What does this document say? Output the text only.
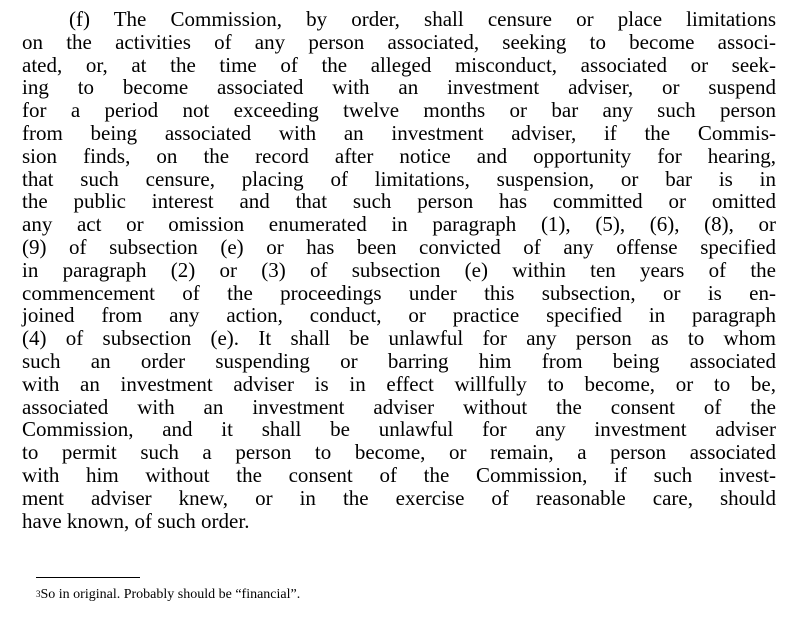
(f) The Commission, by order, shall censure or place limitations
on the activities of any person associated, seeking to become associ-
ated, or, at the time of the alleged misconduct, associated or seek-
ing to become associated with an investment adviser, or suspend
for a period not exceeding twelve months or bar any such person
from being associated with an investment adviser, if the Commis-
sion finds, on the record after notice and opportunity for hearing,
that such censure, placing of limitations, suspension, or bar is in
the public interest and that such person has committed or omitted
any act or omission enumerated in paragraph (1), (5), (6), (8), or
(9) of subsection (e) or has been convicted of any offense specified
in paragraph (2) or (3) of subsection (e) within ten years of the
commencement of the proceedings under this subsection, or is en-
joined from any action, conduct, or practice specified in paragraph
(4) of subsection (e). It shall be unlawful for any person as to whom
such an order suspending or barring him from being associated
with an investment adviser is in effect willfully to become, or to be,
associated with an investment adviser without the consent of the
Commission, and it shall be unlawful for any investment adviser
to permit such a person to become, or remain, a person associated
with him without the consent of the Commission, if such invest-
ment adviser knew, or in the exercise of reasonable care, should
have known, of such order.
$^3$So in original. Probably should be “financial”.
